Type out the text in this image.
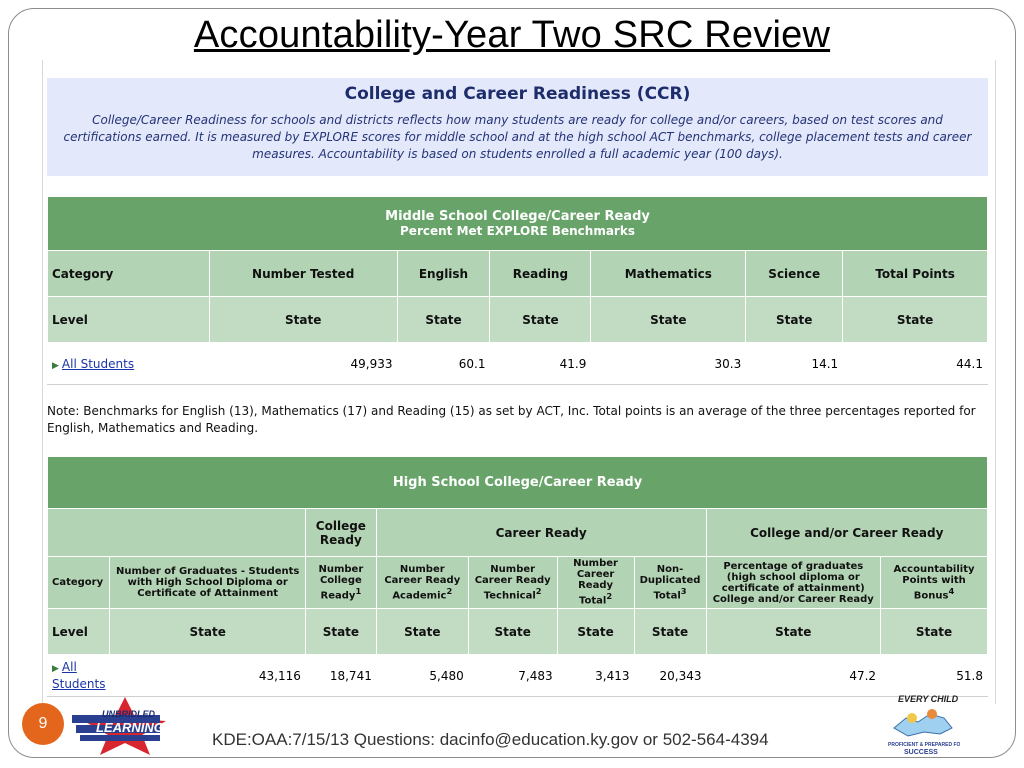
Accountability-Year Two SRC Review
College and Career Readiness (CCR)

College/Career Readiness for schools and districts reflects how many students are ready for college and/or careers, based on test scores and certifications earned. It is measured by EXPLORE scores for middle school and at the high school ACT benchmarks, college placement tests and career measures. Accountability is based on students enrolled a full academic year (100 days).

Middle School College/Career Ready
Percent Met EXPLORE Benchmarks						

Category	Number Tested	English	Reading	Mathematics	Science	Total Points
Level	State	State	State	State	State	State
▶ All Students	49,933	60.1	41.9	30.3	14.1	44.1
Note: Benchmarks for English (13), Mathematics (17) and Reading (15) as set by ACT, Inc. Total points is an average of the three percentages reported for English, Mathematics and Reading.
High School College/Career Ready								
		College Ready	Career Ready				College and/or Career Ready	
Category	Number of Graduates - Students with High School Diploma or Certificate of Attainment	Number College Ready$^1$	Number Career Ready Academic$^2$	Number Career Ready Technical$^2$	Number Career Ready Total$^2$	Non-Duplicated Total$^3$	Percentage of graduates (high school diploma or certificate of attainment) College and/or Career Ready	Accountability Points with Bonus$^4$
Level	State	State	State	State	State	State	State	State
▶ All Students	43,116	18,741	5,480	7,483	3,413	20,343	47.2	51.8
9
UNBRIDLED
LEARNING
KDE:OAA:7/15/13 Questions: dacinfo@education.ky.gov or 502-564-4394
EVERY CHILD
PROFICIENT & PREPARED FOR
SUCCESS
